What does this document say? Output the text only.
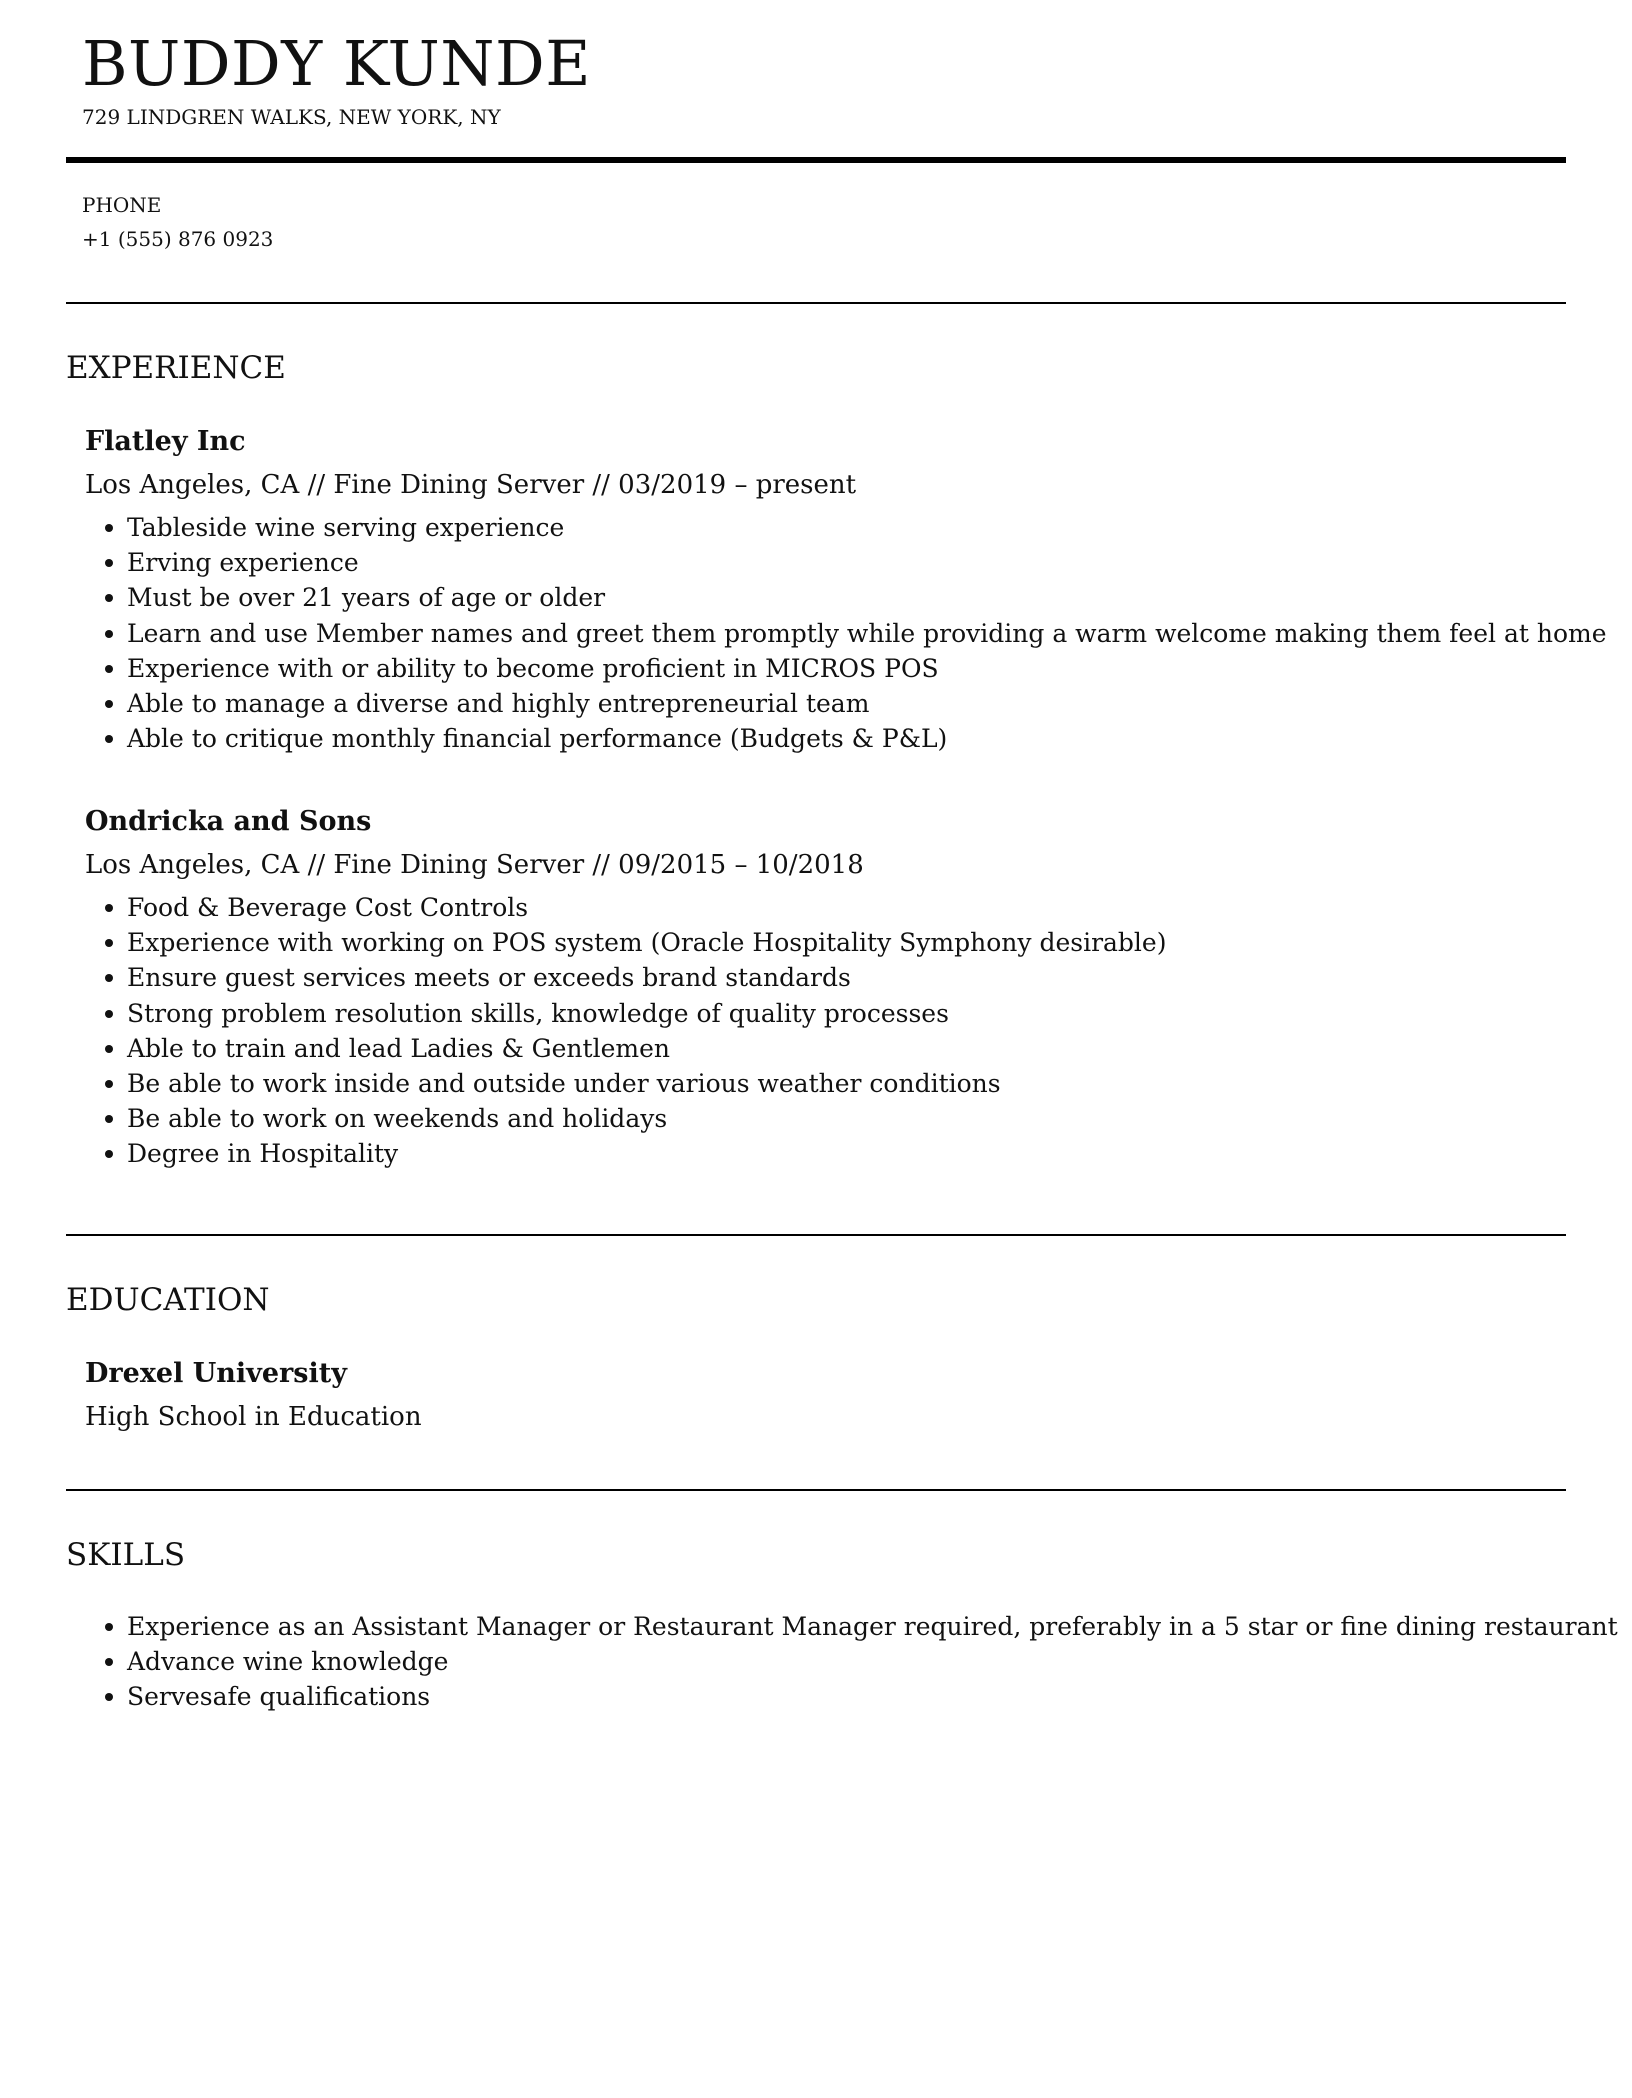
BUDDY KUNDE
729 LINDGREN WALKS, NEW YORK, NY
PHONE
+1 (555) 876 0923
EXPERIENCE
Flatley Inc
Los Angeles, CA // Fine Dining Server // 03/2019 – present
Tableside wine serving experience
Erving experience
Must be over 21 years of age or older
Learn and use Member names and greet them promptly while providing a warm welcome making them feel at home
Experience with or ability to become proficient in MICROS POS
Able to manage a diverse and highly entrepreneurial team
Able to critique monthly financial performance (Budgets & P&L)
Ondricka and Sons
Los Angeles, CA // Fine Dining Server // 09/2015 – 10/2018
Food & Beverage Cost Controls
Experience with working on POS system (Oracle Hospitality Symphony desirable)
Ensure guest services meets or exceeds brand standards
Strong problem resolution skills, knowledge of quality processes
Able to train and lead Ladies & Gentlemen
Be able to work inside and outside under various weather conditions
Be able to work on weekends and holidays
Degree in Hospitality
EDUCATION
Drexel University
High School in Education
SKILLS
Experience as an Assistant Manager or Restaurant Manager required, preferably in a 5 star or fine dining restaurant
Advance wine knowledge
Servesafe qualifications
